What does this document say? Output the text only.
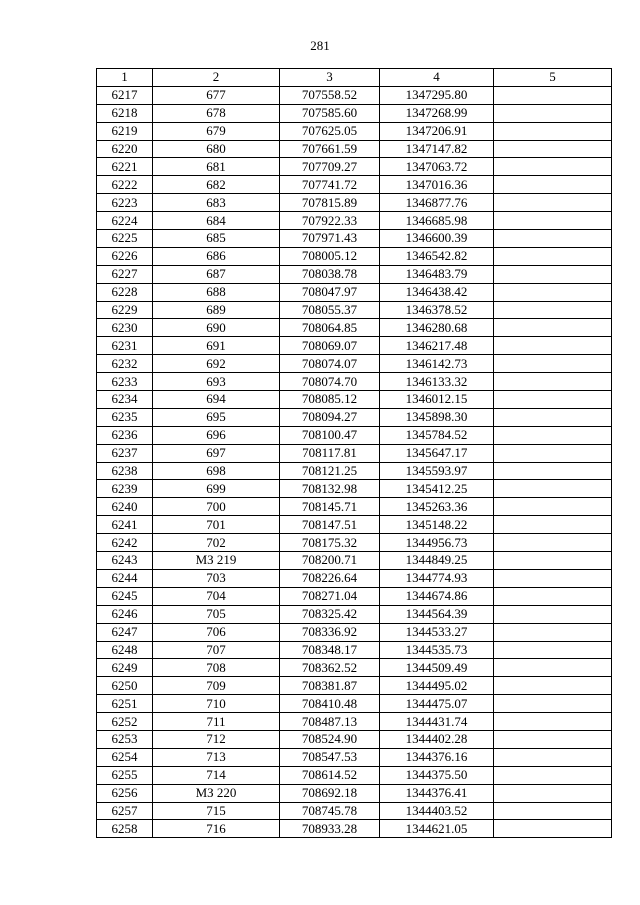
281
1	2	3	4	5
6217	677	707558.52	1347295.80	
6218	678	707585.60	1347268.99	
6219	679	707625.05	1347206.91	
6220	680	707661.59	1347147.82	
6221	681	707709.27	1347063.72	
6222	682	707741.72	1347016.36	
6223	683	707815.89	1346877.76	
6224	684	707922.33	1346685.98	
6225	685	707971.43	1346600.39	
6226	686	708005.12	1346542.82	
6227	687	708038.78	1346483.79	
6228	688	708047.97	1346438.42	
6229	689	708055.37	1346378.52	
6230	690	708064.85	1346280.68	
6231	691	708069.07	1346217.48	
6232	692	708074.07	1346142.73	
6233	693	708074.70	1346133.32	
6234	694	708085.12	1346012.15	
6235	695	708094.27	1345898.30	
6236	696	708100.47	1345784.52	
6237	697	708117.81	1345647.17	
6238	698	708121.25	1345593.97	
6239	699	708132.98	1345412.25	
6240	700	708145.71	1345263.36	
6241	701	708147.51	1345148.22	
6242	702	708175.32	1344956.73	
6243	МЗ 219	708200.71	1344849.25	
6244	703	708226.64	1344774.93	
6245	704	708271.04	1344674.86	
6246	705	708325.42	1344564.39	
6247	706	708336.92	1344533.27	
6248	707	708348.17	1344535.73	
6249	708	708362.52	1344509.49	
6250	709	708381.87	1344495.02	
6251	710	708410.48	1344475.07	
6252	711	708487.13	1344431.74	
6253	712	708524.90	1344402.28	
6254	713	708547.53	1344376.16	
6255	714	708614.52	1344375.50	
6256	МЗ 220	708692.18	1344376.41	
6257	715	708745.78	1344403.52	
6258	716	708933.28	1344621.05	
